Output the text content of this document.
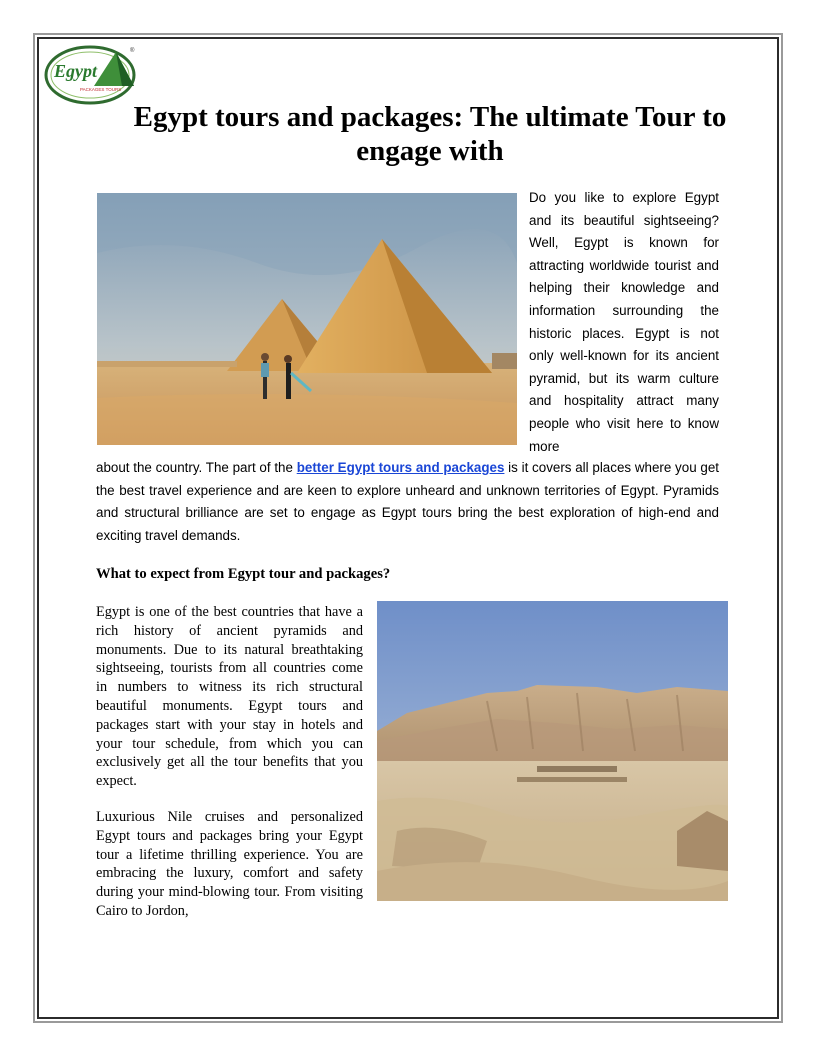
Egypt
PACKAGES TOURS
®
Egypt tours and packages: The ultimate Tour to engage with

Do you like to explore Egypt and its beautiful sightseeing? Well, Egypt is known for attracting worldwide tourist and helping their knowledge and information surrounding the historic places. Egypt is not only well-known for its ancient pyramid, but its warm culture and hospitality attract many people who visit here to know more

about the country. The part of the better Egypt tours and packages is it covers all places where you get the best travel experience and are keen to explore unheard and unknown territories of Egypt. Pyramids and structural brilliance are set to engage as Egypt tours bring the best exploration of high-end and exciting travel demands.

What to expect from Egypt tour and packages?

Egypt is one of the best countries that have a rich history of ancient pyramids and monuments. Due to its natural breathtaking sightseeing, tourists from all countries come in numbers to witness its rich structural beautiful monuments. Egypt tours and packages start with your stay in hotels and your tour schedule, from which you can exclusively get all the tour benefits that you expect.

Luxurious Nile cruises and personalized Egypt tours and packages bring your Egypt tour a lifetime thrilling experience. You are embracing the luxury, comfort and safety during your mind-blowing tour. From visiting Cairo to Jordon,
